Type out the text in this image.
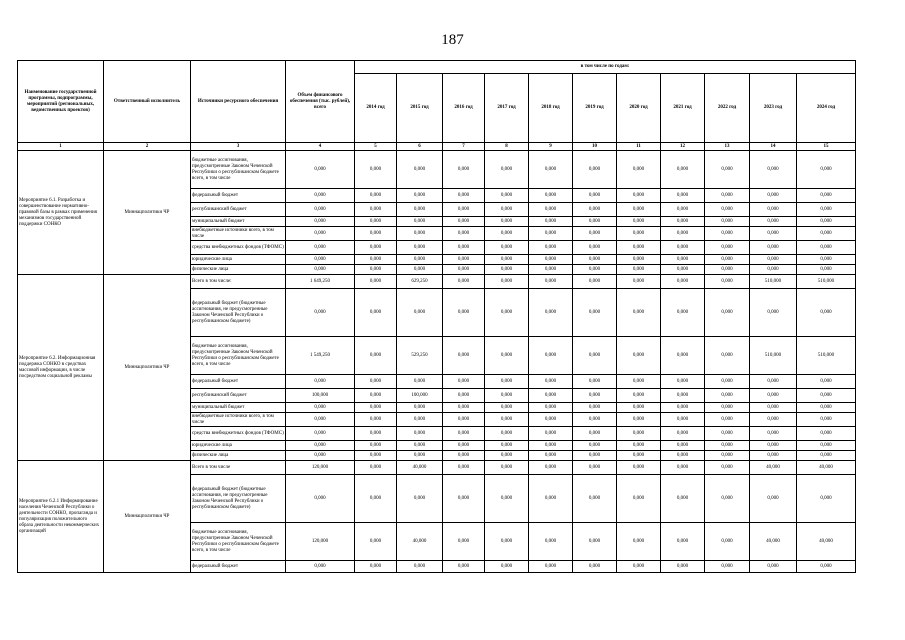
187
Наименование государственной программы, подпрограммы, мероприятий (региональных, ведомственных проектов)	Ответственный исполнитель	Источники ресурсного обеспечения	Объем финансового обеспечения (тыс. рублей), всего	в том числе по годам:										
				2014 год	2015 год	2016 год	2017 год	2018 год	2019 год	2020 год	2021 год	2022 год	2023 год	2024 год
1	2	3	4	5	6	7	8	9	10	11	12	13	14	15
Мероприятие 6.1. Разработка и совершенствование нормативно-правовой базы в рамках применения механизмов государственной поддержки СОНКО	Миннацполитики ЧР	бюджетные ассигнования, предусмотренные Законом Чеченской Республики о республиканском бюджете всего, в том числе	0,000	0,000	0,000	0,000	0,000	0,000	0,000	0,000	0,000	0,000	0,000	0,000
		федеральный бюджет	0,000	0,000	0,000	0,000	0,000	0,000	0,000	0,000	0,000	0,000	0,000	0,000
		республиканский бюджет	0,000	0,000	0,000	0,000	0,000	0,000	0,000	0,000	0,000	0,000	0,000	0,000
		муниципальный бюджет	0,000	0,000	0,000	0,000	0,000	0,000	0,000	0,000	0,000	0,000	0,000	0,000
		внебюджетные источники всего, в том числе	0,000	0,000	0,000	0,000	0,000	0,000	0,000	0,000	0,000	0,000	0,000	0,000
		средства внебюджетных фондов (ТФОМС)	0,000	0,000	0,000	0,000	0,000	0,000	0,000	0,000	0,000	0,000	0,000	0,000
		юридические лица	0,000	0,000	0,000	0,000	0,000	0,000	0,000	0,000	0,000	0,000	0,000	0,000
		физические лица	0,000	0,000	0,000	0,000	0,000	0,000	0,000	0,000	0,000	0,000	0,000	0,000
Мероприятие 6.2. Информационная поддержка СОНКО в средствах массовой информации, в числе посредством социальной рекламы	Миннацполитики ЧР	Всего в том числе:	1 649,250	0,000	629,250	0,000	0,000	0,000	0,000	0,000	0,000	0,000	510,000	510,000
		федеральный бюджет (бюджетные ассигнования, не предусмотренные Законом Чеченской Республики о республиканском бюджете)	0,000	0,000	0,000	0,000	0,000	0,000	0,000	0,000	0,000	0,000	0,000	0,000
		бюджетные ассигнования, предусмотренные Законом Чеченской Республики о республиканском бюджете всего, в том числе	1 549,250	0,000	529,250	0,000	0,000	0,000	0,000	0,000	0,000	0,000	510,000	510,000
		федеральный бюджет	0,000	0,000	0,000	0,000	0,000	0,000	0,000	0,000	0,000	0,000	0,000	0,000
		республиканский бюджет	100,000	0,000	100,000	0,000	0,000	0,000	0,000	0,000	0,000	0,000	0,000	0,000
		муниципальный бюджет	0,000	0,000	0,000	0,000	0,000	0,000	0,000	0,000	0,000	0,000	0,000	0,000
		внебюджетные источники всего, в том числе	0,000	0,000	0,000	0,000	0,000	0,000	0,000	0,000	0,000	0,000	0,000	0,000
		средства внебюджетных фондов (ТФОМС)	0,000	0,000	0,000	0,000	0,000	0,000	0,000	0,000	0,000	0,000	0,000	0,000
		юридические лица	0,000	0,000	0,000	0,000	0,000	0,000	0,000	0,000	0,000	0,000	0,000	0,000
		физические лица	0,000	0,000	0,000	0,000	0,000	0,000	0,000	0,000	0,000	0,000	0,000	0,000
Мероприятие 6.2.1 Информирование населения Чеченской Республики о деятельности СОНКО, пропаганда и популяризация положительного образа деятельности некоммерческих организаций	Миннацполитики ЧР	Всего в том числе	120,000	0,000	40,000	0,000	0,000	0,000	0,000	0,000	0,000	0,000	40,000	40,000
		федеральный бюджет (бюджетные ассигнования, не предусмотренные Законом Чеченской Республики о республиканском бюджете)	0,000	0,000	0,000	0,000	0,000	0,000	0,000	0,000	0,000	0,000	0,000	0,000
		бюджетные ассигнования, предусмотренные Законом Чеченской Республики о республиканском бюджете всего, в том числе	120,000	0,000	40,000	0,000	0,000	0,000	0,000	0,000	0,000	0,000	40,000	40,000
		федеральный бюджет	0,000	0,000	0,000	0,000	0,000	0,000	0,000	0,000	0,000	0,000	0,000	0,000
